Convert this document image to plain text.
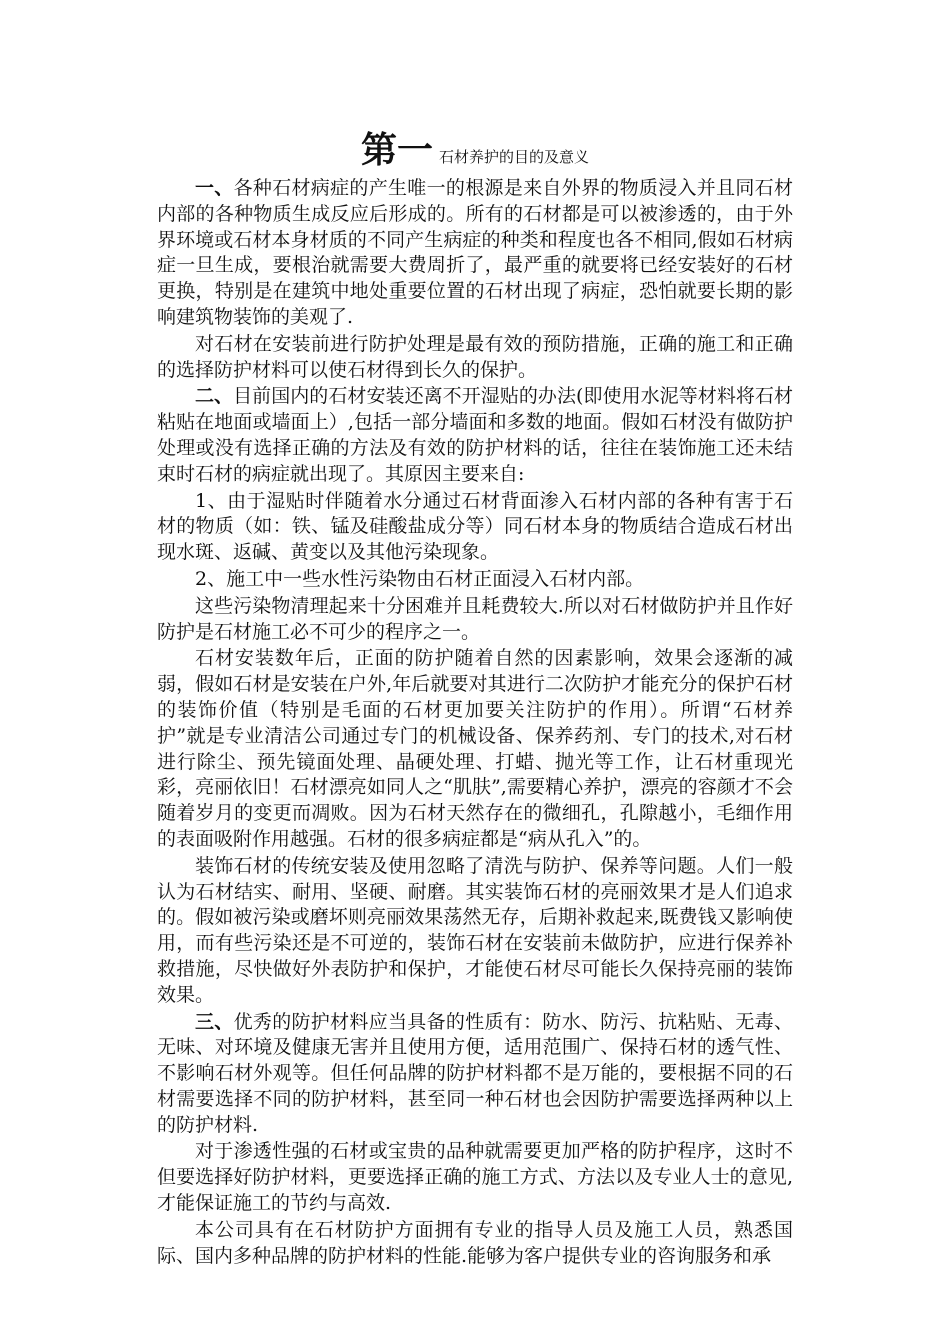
第一 石材养护的目的及意义

一、各种石材病症的产生唯一的根源是来自外界的物质浸入并且同石材内部的各种物质生成反应后形成的。所有的石材都是可以被渗透的，由于外界环境或石材本身材质的不同产生病症的种类和程度也各不相同,假如石材病症一旦生成，要根治就需要大费周折了，最严重的就要将已经安装好的石材更换，特别是在建筑中地处重要位置的石材出现了病症，恐怕就要长期的影响建筑物装饰的美观了.

对石材在安装前进行防护处理是最有效的预防措施，正确的施工和正确的选择防护材料可以使石材得到长久的保护。

二、目前国内的石材安装还离不开湿贴的办法(即使用水泥等材料将石材粘贴在地面或墙面上）,包括一部分墙面和多数的地面。假如石材没有做防护处理或没有选择正确的方法及有效的防护材料的话，往往在装饰施工还未结束时石材的病症就出现了。其原因主要来自:

1、由于湿贴时伴随着水分通过石材背面渗入石材内部的各种有害于石材的物质（如：铁、锰及硅酸盐成分等）同石材本身的物质结合造成石材出现水斑、返碱、黄变以及其他污染现象。

2、施工中一些水性污染物由石材正面浸入石材内部。

这些污染物清理起来十分困难并且耗费较大.所以对石材做防护并且作好防护是石材施工必不可少的程序之一。

石材安装数年后，正面的防护随着自然的因素影响，效果会逐渐的减弱，假如石材是安装在户外,年后就要对其进行二次防护才能充分的保护石材的装饰价值（特别是毛面的石材更加要关注防护的作用）。所谓“石材养护”就是专业清洁公司通过专门的机械设备、保养药剂、专门的技术,对石材进行除尘、预先镜面处理、晶硬处理、打蜡、抛光等工作，让石材重现光彩，亮丽依旧！石材漂亮如同人之“肌肤”,需要精心养护，漂亮的容颜才不会随着岁月的变更而凋败。因为石材天然存在的微细孔，孔隙越小，毛细作用的表面吸附作用越强。石材的很多病症都是“病从孔入”的。

装饰石材的传统安装及使用忽略了清洗与防护、保养等问题。人们一般认为石材结实、耐用、坚硬、耐磨。其实装饰石材的亮丽效果才是人们追求的。假如被污染或磨坏则亮丽效果荡然无存，后期补救起来,既费钱又影响使用，而有些污染还是不可逆的，装饰石材在安装前未做防护，应进行保养补救措施，尽快做好外表防护和保护，才能使石材尽可能长久保持亮丽的装饰效果。

三、优秀的防护材料应当具备的性质有：防水、防污、抗粘贴、无毒、无味、对环境及健康无害并且使用方便，适用范围广、保持石材的透气性、不影响石材外观等。但任何品牌的防护材料都不是万能的，要根据不同的石材需要选择不同的防护材料，甚至同一种石材也会因防护需要选择两种以上的防护材料.

对于渗透性强的石材或宝贵的品种就需要更加严格的防护程序，这时不但要选择好防护材料，更要选择正确的施工方式、方法以及专业人士的意见,才能保证施工的节约与高效.

本公司具有在石材防护方面拥有专业的指导人员及施工人员，熟悉国际、国内多种品牌的防护材料的性能.能够为客户提供专业的咨询服务和承
